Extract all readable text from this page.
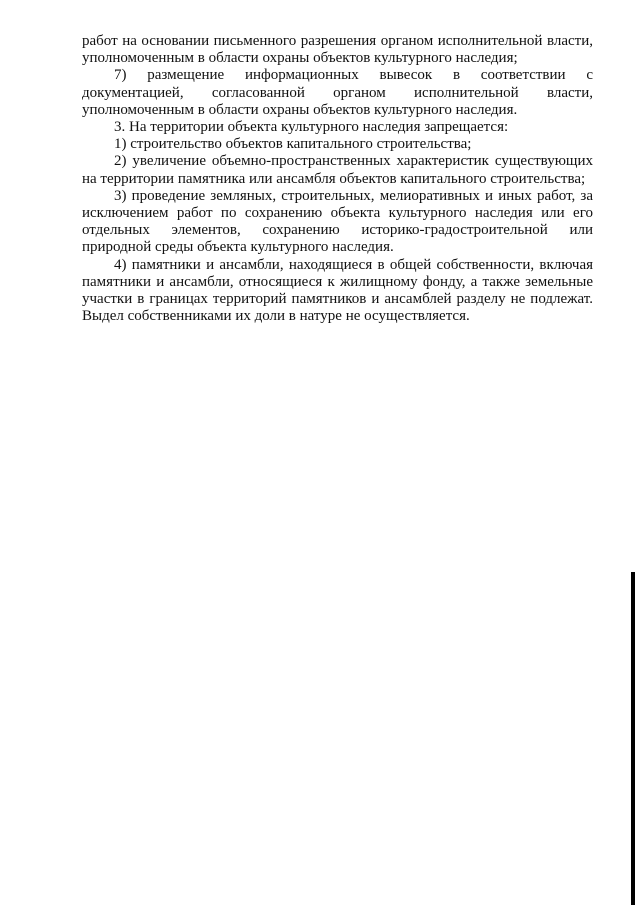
работ на основании письменного разрешения органом исполнительной власти, уполномоченным в области охраны объектов культурного наследия;

7) размещение информационных вывесок в соответствии с документацией, согласованной органом исполнительной власти, уполномоченным в области охраны объектов культурного наследия.

3. На территории объекта культурного наследия запрещается:

1) строительство объектов капитального строительства;

2) увеличение объемно-пространственных характеристик существующих на территории памятника или ансамбля объектов капитального строительства;

3) проведение земляных, строительных, мелиоративных и иных работ, за исключением работ по сохранению объекта культурного наследия или его отдельных элементов, сохранению историко-градостроительной или природной среды объекта культурного наследия.

4) памятники и ансамбли, находящиеся в общей собственности, включая памятники и ансамбли, относящиеся к жилищному фонду, а также земельные участки в границах территорий памятников и ансамблей разделу не подлежат. Выдел собственниками их доли в натуре не осуществляется.
